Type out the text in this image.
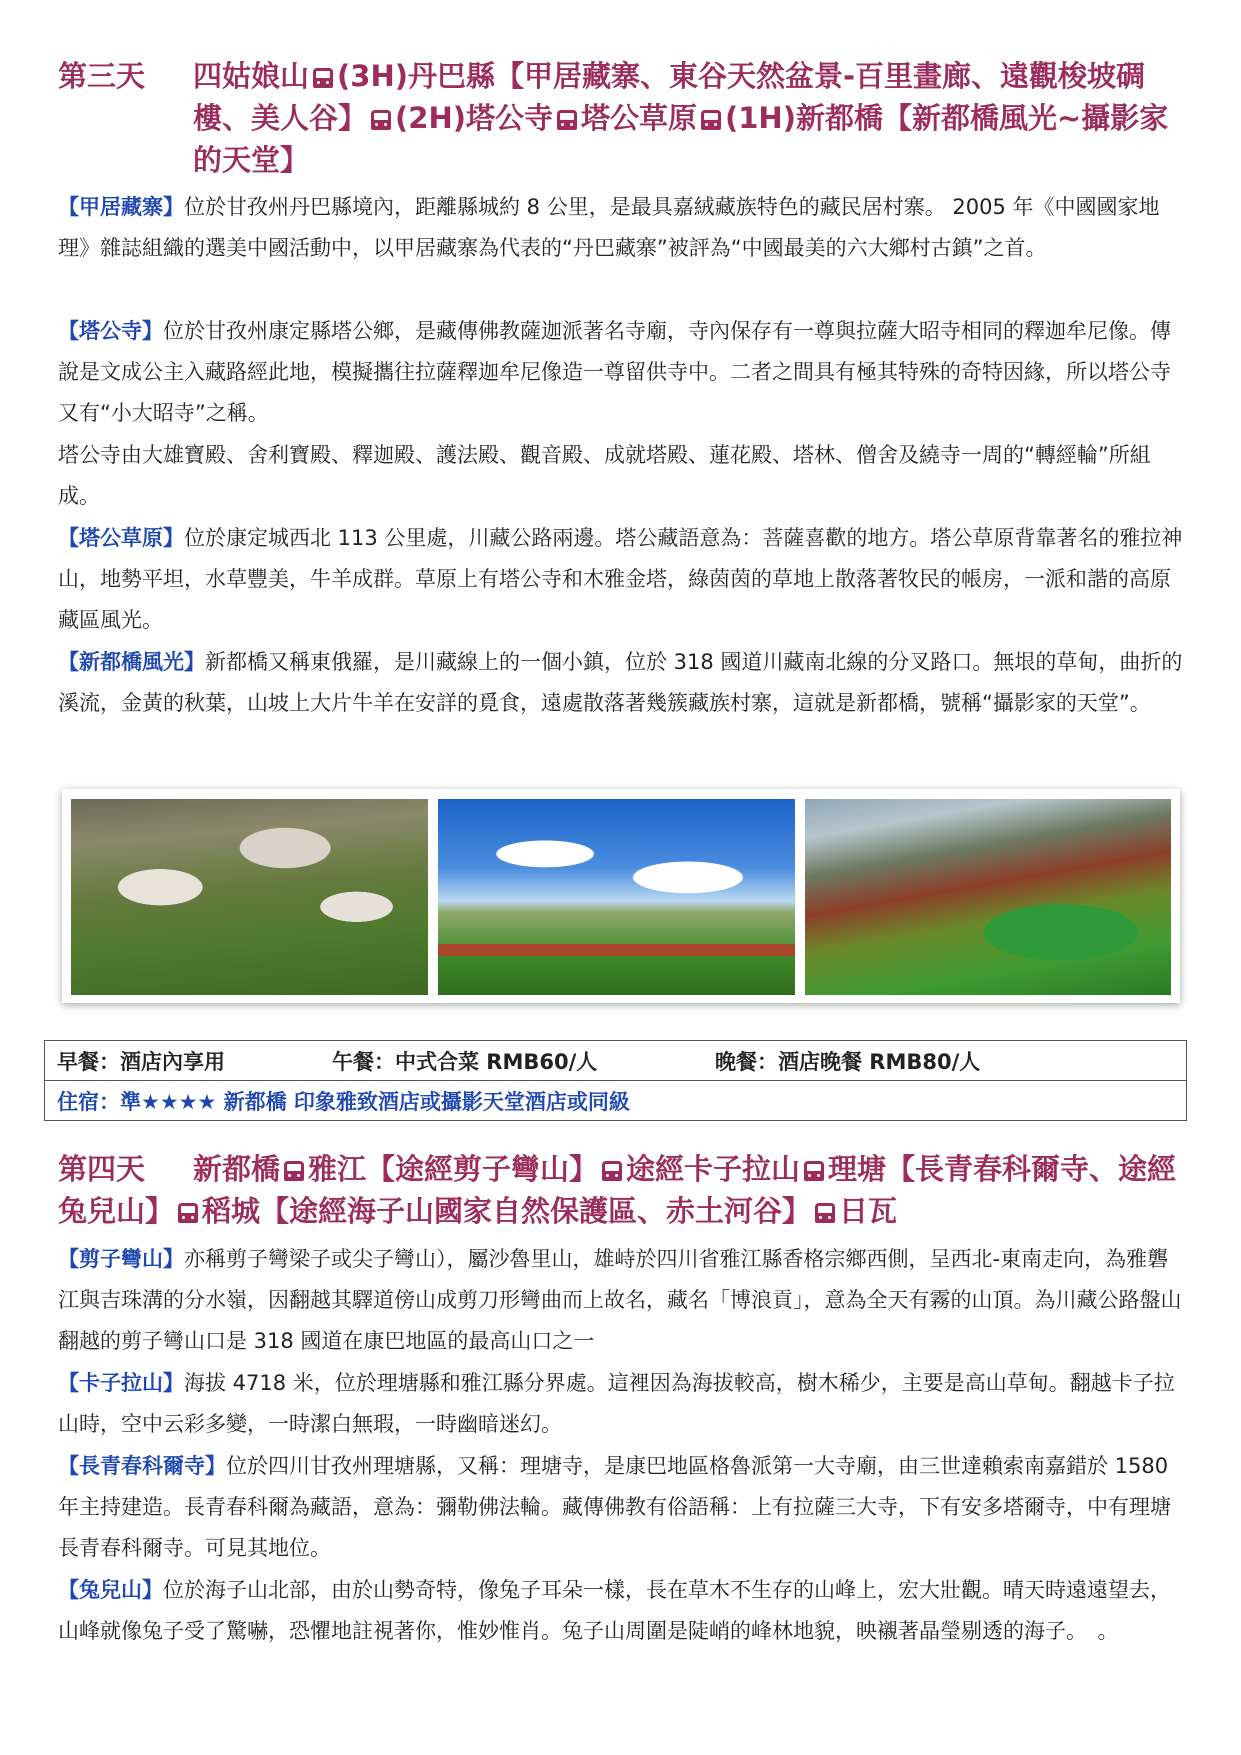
第三天	四姑娘山 (3H)丹巴縣【甲居藏寨、東谷天然盆景-百里畫廊、遠觀梭坡碉樓、美人谷】 (2H)塔公寺 塔公草原 (1H)新都橋【新都橋風光~攝影家的天堂】
【甲居藏寨】位於甘孜州丹巴縣境內，距離縣城約 8 公里，是最具嘉絨藏族特色的藏民居村寨。 2005 年《中國國家地理》雜誌組織的選美中國活動中，以甲居藏寨為代表的“丹巴藏寨”被評為“中國最美的六大鄉村古鎮”之首。
【塔公寺】位於甘孜州康定縣塔公鄉，是藏傳佛教薩迦派著名寺廟，寺內保存有一尊與拉薩大昭寺相同的釋迦牟尼像。傳說是文成公主入藏路經此地，模擬攜往拉薩釋迦牟尼像造一尊留供寺中。二者之間具有極其特殊的奇特因緣，所以塔公寺又有“小大昭寺”之稱。
塔公寺由大雄寶殿、舍利寶殿、釋迦殿、護法殿、觀音殿、成就塔殿、蓮花殿、塔林、僧舍及繞寺一周的“轉經輪”所組成。
【塔公草原】位於康定城西北 113 公里處，川藏公路兩邊。塔公藏語意為：菩薩喜歡的地方。塔公草原背靠著名的雅拉神山，地勢平坦，水草豐美，牛羊成群。草原上有塔公寺和木雅金塔，綠茵茵的草地上散落著牧民的帳房，一派和諧的高原藏區風光。
【新都橋風光】新都橋又稱東俄羅，是川藏線上的一個小鎮，位於 318 國道川藏南北線的分叉路口。無垠的草甸，曲折的溪流，金黃的秋葉，山坡上大片牛羊在安詳的覓食，遠處散落著幾簇藏族村寨，這就是新都橋，號稱“攝影家的天堂”。
早餐：酒店內享用	午餐：中式合菜 RMB60/人	晚餐：酒店晚餐 RMB80/人
住宿：準★★★★ 新都橋 印象雅致酒店或攝影天堂酒店或同級
第四天	新都橋 雅江【途經剪子彎山】 途經卡子拉山 理塘【長青春科爾寺、途經兔兒山】 稻城【途經海子山國家自然保護區、赤土河谷】 日瓦
【剪子彎山】亦稱剪子彎梁子或尖子彎山），屬沙魯里山，雄峙於四川省雅江縣香格宗鄉西側，呈西北-東南走向，為雅礱江與吉珠溝的分水嶺，因翻越其驛道傍山成剪刀形彎曲而上故名，藏名「博浪貢」，意為全天有霧的山頂。為川藏公路盤山翻越的剪子彎山口是 318 國道在康巴地區的最高山口之一
【卡子拉山】海拔 4718 米，位於理塘縣和雅江縣分界處。這裡因為海拔較高，樹木稀少，主要是高山草甸。翻越卡子拉山時，空中云彩多變，一時潔白無瑕，一時幽暗迷幻。
【長青春科爾寺】位於四川甘孜州理塘縣，又稱：理塘寺，是康巴地區格魯派第一大寺廟，由三世達賴索南嘉錯於 1580 年主持建造。長青春科爾為藏語，意為：彌勒佛法輪。藏傳佛教有俗語稱：上有拉薩三大寺，下有安多塔爾寺，中有理塘長青春科爾寺。可見其地位。
【兔兒山】位於海子山北部，由於山勢奇特，像兔子耳朵一樣，長在草木不生存的山峰上，宏大壯觀。晴天時遠遠望去，山峰就像兔子受了驚嚇，恐懼地註視著你，惟妙惟肖。兔子山周圍是陡峭的峰林地貌，映襯著晶瑩剔透的海子。　。
